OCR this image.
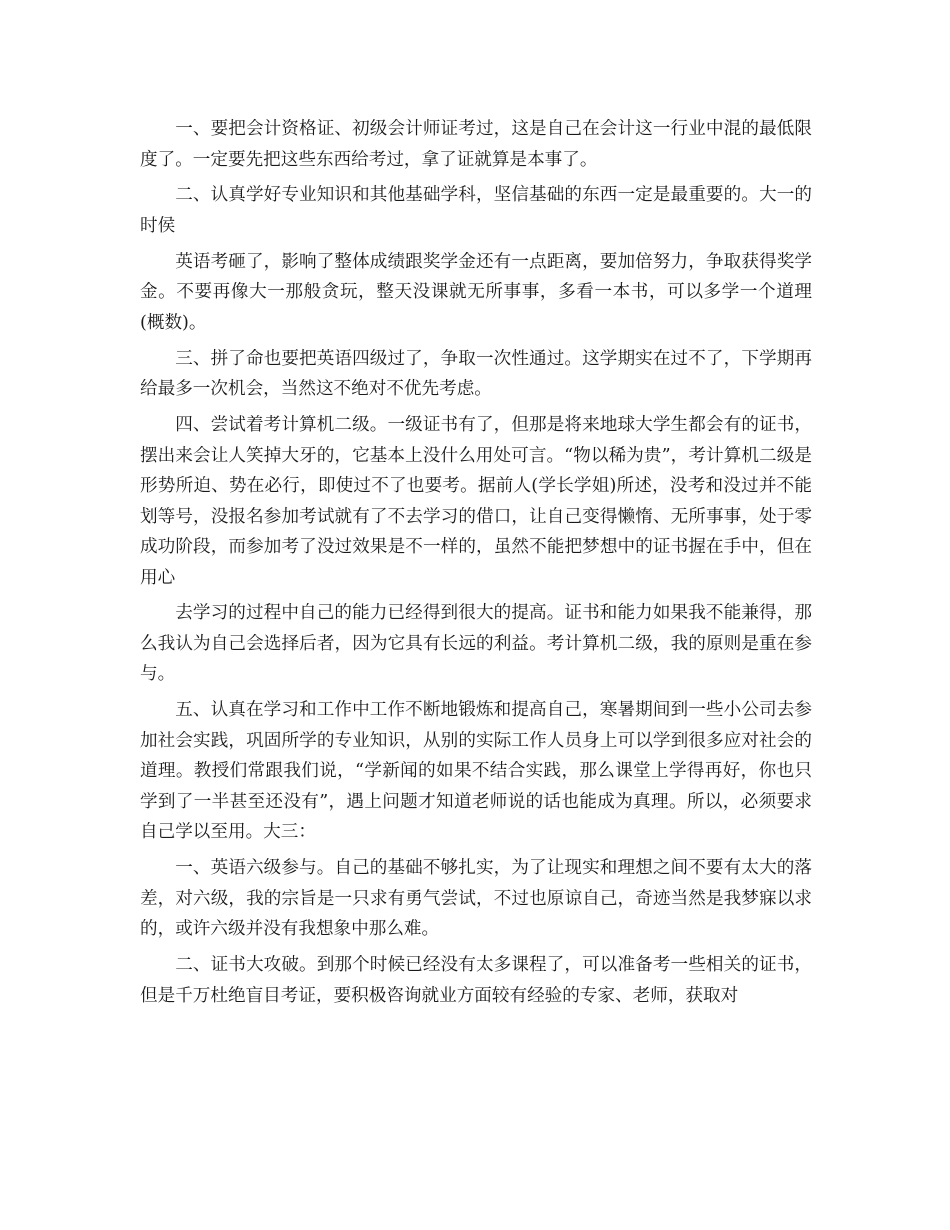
一、要把会计资格证、初级会计师证考过，这是自己在会计这一行业中混的最低限度了。一定要先把这些东西给考过，拿了证就算是本事了。

二、认真学好专业知识和其他基础学科，坚信基础的东西一定是最重要的。大一的时侯

英语考砸了，影响了整体成绩跟奖学金还有一点距离，要加倍努力，争取获得奖学金。不要再像大一那般贪玩，整天没课就无所事事，多看一本书，可以多学一个道理(概数)。

三、拼了命也要把英语四级过了，争取一次性通过。这学期实在过不了，下学期再给最多一次机会，当然这不绝对不优先考虑。

四、尝试着考计算机二级。一级证书有了，但那是将来地球大学生都会有的证书，摆出来会让人笑掉大牙的，它基本上没什么用处可言。“物以稀为贵”，考计算机二级是形势所迫、势在必行，即使过不了也要考。据前人(学长学姐)所述，没考和没过并不能划等号，没报名参加考试就有了不去学习的借口，让自己变得懒惰、无所事事，处于零成功阶段，而参加考了没过效果是不一样的，虽然不能把梦想中的证书握在手中，但在用心

去学习的过程中自己的能力已经得到很大的提高。证书和能力如果我不能兼得，那么我认为自己会选择后者，因为它具有长远的利益。考计算机二级，我的原则是重在参与。

五、认真在学习和工作中工作不断地锻炼和提高自己，寒暑期间到一些小公司去参加社会实践，巩固所学的专业知识，从别的实际工作人员身上可以学到很多应对社会的道理。教授们常跟我们说，“学新闻的如果不结合实践，那么课堂上学得再好，你也只学到了一半甚至还没有”，遇上问题才知道老师说的话也能成为真理。所以，必须要求自己学以至用。大三：

一、英语六级参与。自己的基础不够扎实，为了让现实和理想之间不要有太大的落差，对六级，我的宗旨是一只求有勇气尝试，不过也原谅自己，奇迹当然是我梦寐以求的，或许六级并没有我想象中那么难。

二、证书大攻破。到那个时候已经没有太多课程了，可以准备考一些相关的证书，但是千万杜绝盲目考证，要积极咨询就业方面较有经验的专家、老师，获取对
